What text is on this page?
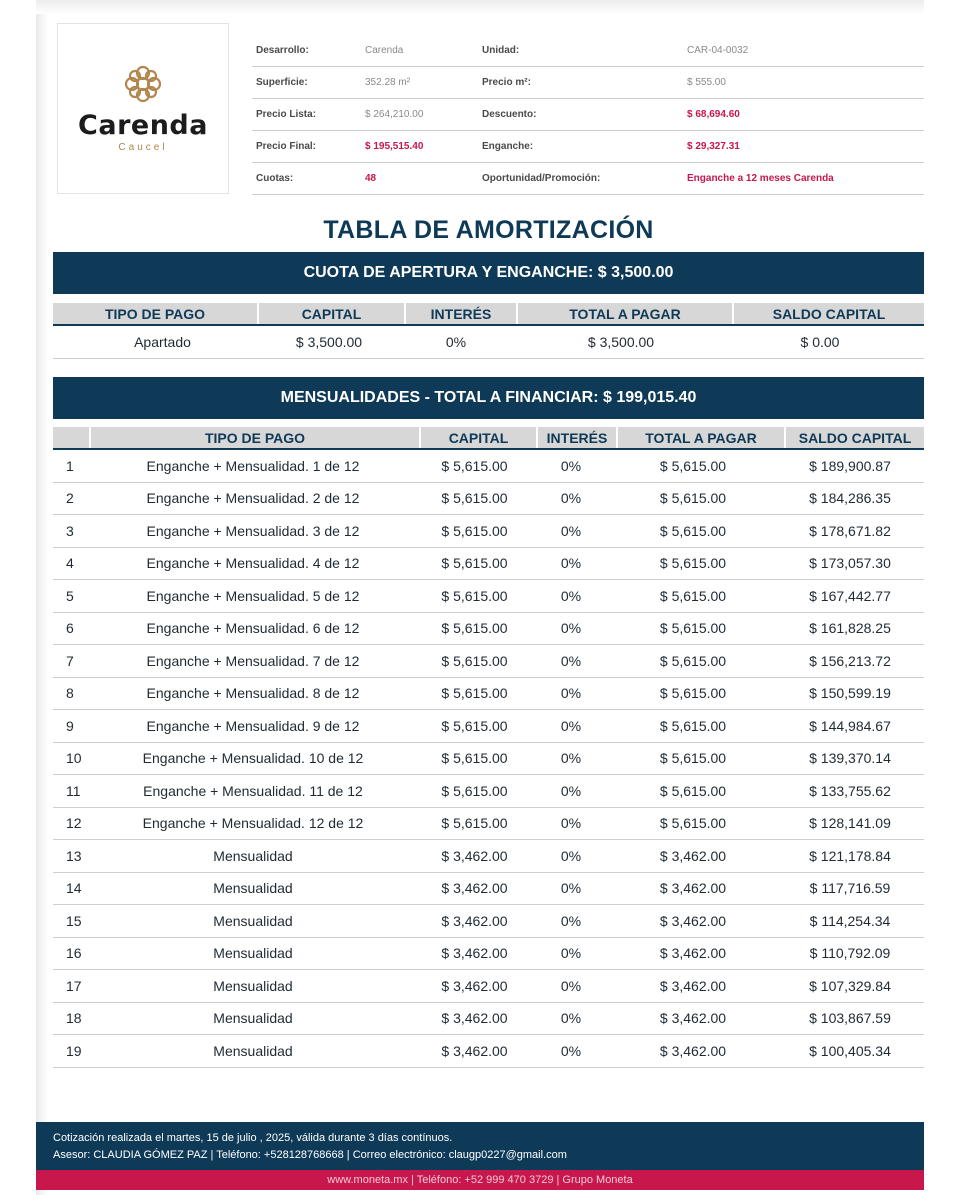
Carenda
Caucel
Desarrollo:	Carenda	Unidad:	CAR-04-0032
Superficie:	352.28 m²	Precio m²:	$ 555.00
Precio Lista:	$ 264,210.00	Descuento:	$ 68,694.60
Precio Final:	$ 195,515.40	Enganche:	$ 29,327.31
Cuotas:	48	Oportunidad/Promoción:	Enganche a 12 meses Carenda
TABLA DE AMORTIZACIÓN
CUOTA DE APERTURA Y ENGANCHE: $ 3,500.00
TIPO DE PAGO	CAPITAL	INTERÉS	TOTAL A PAGAR	SALDO CAPITAL
Apartado	$ 3,500.00	0%	$ 3,500.00	$ 0.00
MENSUALIDADES - TOTAL A FINANCIAR: $ 199,015.40
TIPO DE PAGO	CAPITAL	INTERÉS	TOTAL A PAGAR	SALDO CAPITAL
1	Enganche + Mensualidad. 1 de 12	$ 5,615.00	0%	$ 5,615.00	$ 189,900.87
2	Enganche + Mensualidad. 2 de 12	$ 5,615.00	0%	$ 5,615.00	$ 184,286.35
3	Enganche + Mensualidad. 3 de 12	$ 5,615.00	0%	$ 5,615.00	$ 178,671.82
4	Enganche + Mensualidad. 4 de 12	$ 5,615.00	0%	$ 5,615.00	$ 173,057.30
5	Enganche + Mensualidad. 5 de 12	$ 5,615.00	0%	$ 5,615.00	$ 167,442.77
6	Enganche + Mensualidad. 6 de 12	$ 5,615.00	0%	$ 5,615.00	$ 161,828.25
7	Enganche + Mensualidad. 7 de 12	$ 5,615.00	0%	$ 5,615.00	$ 156,213.72
8	Enganche + Mensualidad. 8 de 12	$ 5,615.00	0%	$ 5,615.00	$ 150,599.19
9	Enganche + Mensualidad. 9 de 12	$ 5,615.00	0%	$ 5,615.00	$ 144,984.67
10	Enganche + Mensualidad. 10 de 12	$ 5,615.00	0%	$ 5,615.00	$ 139,370.14
11	Enganche + Mensualidad. 11 de 12	$ 5,615.00	0%	$ 5,615.00	$ 133,755.62
12	Enganche + Mensualidad. 12 de 12	$ 5,615.00	0%	$ 5,615.00	$ 128,141.09
13	Mensualidad	$ 3,462.00	0%	$ 3,462.00	$ 121,178.84
14	Mensualidad	$ 3,462.00	0%	$ 3,462.00	$ 117,716.59
15	Mensualidad	$ 3,462.00	0%	$ 3,462.00	$ 114,254.34
16	Mensualidad	$ 3,462.00	0%	$ 3,462.00	$ 110,792.09
17	Mensualidad	$ 3,462.00	0%	$ 3,462.00	$ 107,329.84
18	Mensualidad	$ 3,462.00	0%	$ 3,462.00	$ 103,867.59
19	Mensualidad	$ 3,462.00	0%	$ 3,462.00	$ 100,405.34
Cotización realizada el martes, 15 de julio , 2025, válida durante 3 días contínuos.
Asesor: CLAUDIA GÓMEZ PAZ | Teléfono: +528128768668 | Correo electrónico: claugp0227@gmail.com
www.moneta.mx | Teléfono: +52 999 470 3729 | Grupo Moneta
